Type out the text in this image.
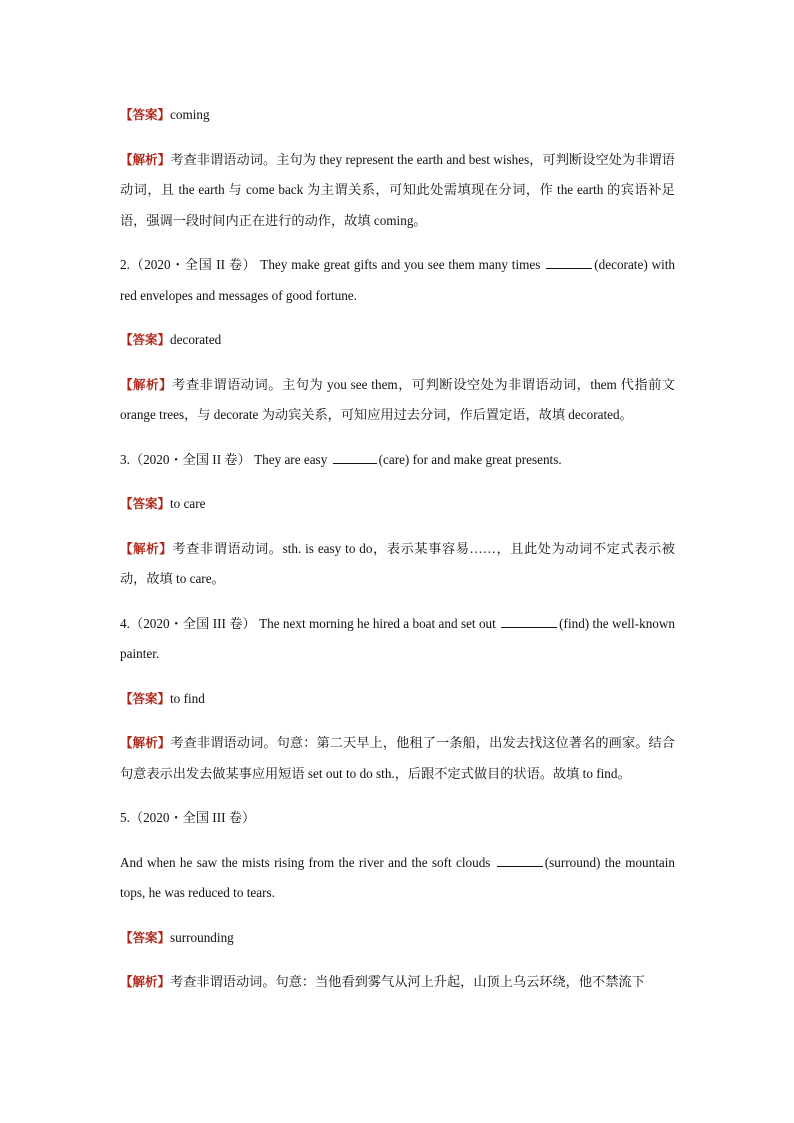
【答案】coming

【解析】考查非谓语动词。主句为 they represent the earth and best wishes，可判断设空处为非谓语动词，且 the earth 与 come back 为主谓关系，可知此处需填现在分词，作 the earth 的宾语补足语，强调一段时间内正在进行的动作，故填 coming。

2.（2020・全国 II 卷） They make great gifts and you see them many times	(decorate) with red envelopes and messages of good fortune.

【答案】decorated

【解析】考查非谓语动词。主句为 you see them，可判断设空处为非谓语动词，them 代指前文 orange trees，与 decorate 为动宾关系，可知应用过去分词，作后置定语，故填 decorated。

3.（2020・全国 II 卷） They are easy	(care) for and make great presents.

【答案】to care

【解析】考查非谓语动词。sth. is easy to do，表示某事容易……，且此处为动词不定式表示被动，故填 to care。

4.（2020・全国 III 卷） The next morning he hired a boat and set out	(find) the well-known painter.

【答案】to find

【解析】考查非谓语动词。句意：第二天早上，他租了一条船，出发去找这位著名的画家。结合句意表示出发去做某事应用短语 set out to do sth.，后跟不定式做目的状语。故填 to find。

5.（2020・全国 III 卷）

And when he saw the mists rising from the river and the soft clouds	(surround) the mountain tops, he was reduced to tears.

【答案】surrounding

【解析】考查非谓语动词。句意：当他看到雾气从河上升起，山顶上乌云环绕，他不禁流下
